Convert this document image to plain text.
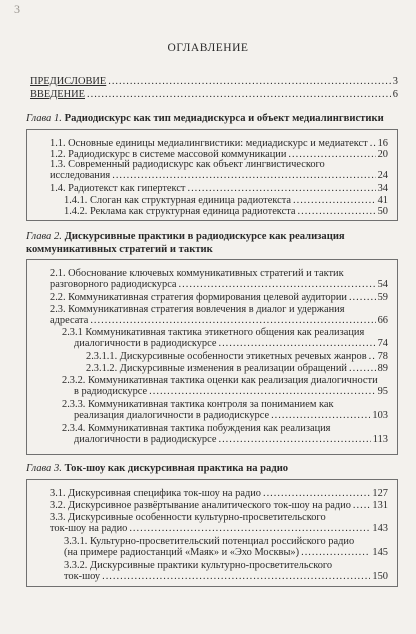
3
ОГЛАВЛЕНИЕ
ПРЕДИСЛОВИЕ .....	3
ВВЕДЕНИЕ .....	6
Глава 1. Радиодискурс как тип медиадискурса и объект медиалингвистики
1.1. Основные единицы медиалингвистики: медиадискурс и медиатекст ..... 16
1.2. Радиодискурс в системе массовой коммуникации .....	20
1.3. Современный радиодискурс как объект лингвистического
исследования .....	24
1.4. Радиотекст как гипертекст .....	34
1.4.1. Слоган как структурная единица радиотекста .....	41
1.4.2. Реклама как структурная единица радиотекста .....	50
Глава 2. Дискурсивные практики в радиодискурсе как реализация
коммуникативных стратегий и тактик
2.1. Обоснование ключевых коммуникативных стратегий и тактик
разговорного радиодискурса .....	54
2.2. Коммуникативная стратегия формирования целевой аудитории .....	59
2.3. Коммуникативная стратегия вовлечения в диалог и удержания
адресата .....	66
2.3.1 Коммуникативная тактика этикетного общения как реализация
диалогичности в радиодискурсе .....	74
2.3.1.1. Дискурсивные особенности этикетных речевых жанров ..... 78
2.3.1.2. Дискурсивные изменения в реализации обращений .....	89
2.3.2. Коммуникативная тактика оценки как реализация диалогичности
в радиодискурсе .....	95
2.3.3. Коммуникативная тактика контроля за пониманием как
реализация диалогичности в радиодискурсе .....	103
2.3.4. Коммуникативная тактика побуждения как реализация
диалогичности в радиодискурсе .....	113
Глава 3. Ток-шоу как дискурсивная практика на радио
3.1. Дискурсивная специфика ток-шоу на радио .....	127
3.2. Дискурсивное развёртывание аналитического ток-шоу на радио ..... 131
3.3. Дискурсивные особенности культурно-просветительского
ток-шоу на радио .....	143
3.3.1. Культурно-просветительский потенциал российского радио
(на примере радиостанций «Маяк» и «Эхо Москвы») .....	145
3.3.2. Дискурсивные практики культурно-просветительского
ток-шоу .....	150
